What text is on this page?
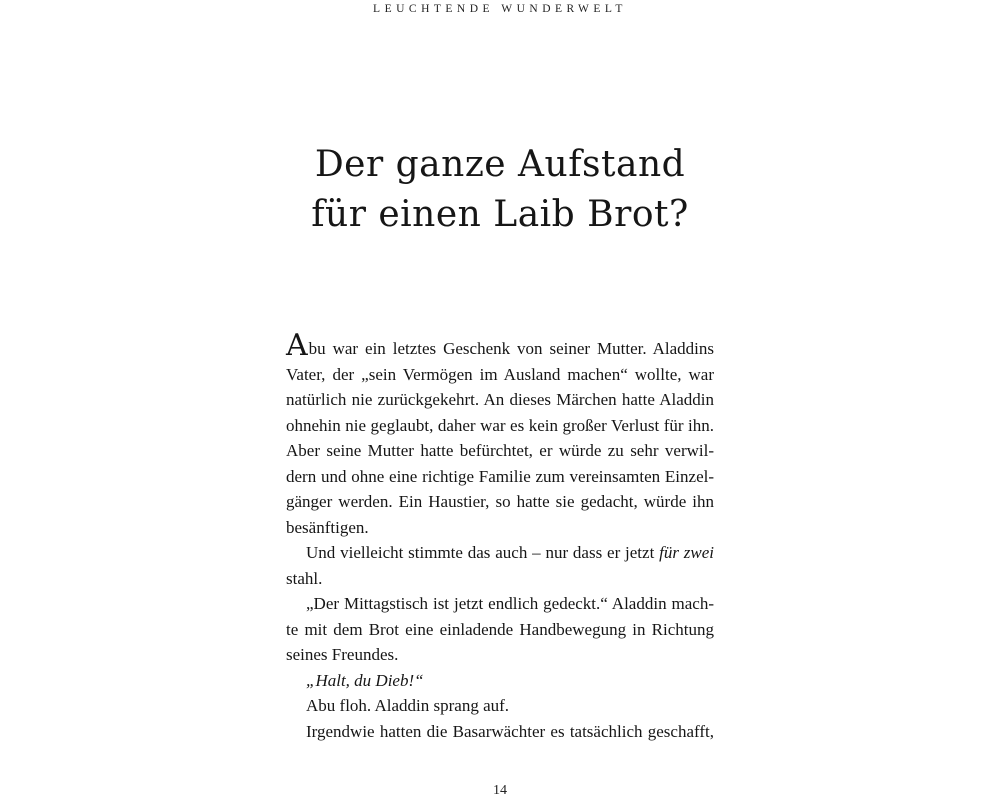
LEUCHTENDE WUNDERWELT
Der ganze Aufstand
für einen Laib Brot?
Abu war ein letztes Geschenk von seiner Mutter. Aladdins
Vater, der „sein Vermögen im Ausland machen“ wollte, war
natürlich nie zurückgekehrt. An dieses Märchen hatte Aladdin
ohnehin nie geglaubt, daher war es kein großer Verlust für ihn.
Aber seine Mutter hatte befürchtet, er würde zu sehr verwil-
dern und ohne eine richtige Familie zum vereinsamten Einzel-
gänger werden. Ein Haustier, so hatte sie gedacht, würde ihn
besänftigen.
Und vielleicht stimmte das auch – nur dass er jetzt für zwei
stahl.
„Der Mittagstisch ist jetzt endlich gedeckt.“ Aladdin mach-
te mit dem Brot eine einladende Handbewegung in Richtung
seines Freundes.
„Halt, du Dieb!“
Abu floh. Aladdin sprang auf.
Irgendwie hatten die Basarwächter es tatsächlich geschafft,
14
